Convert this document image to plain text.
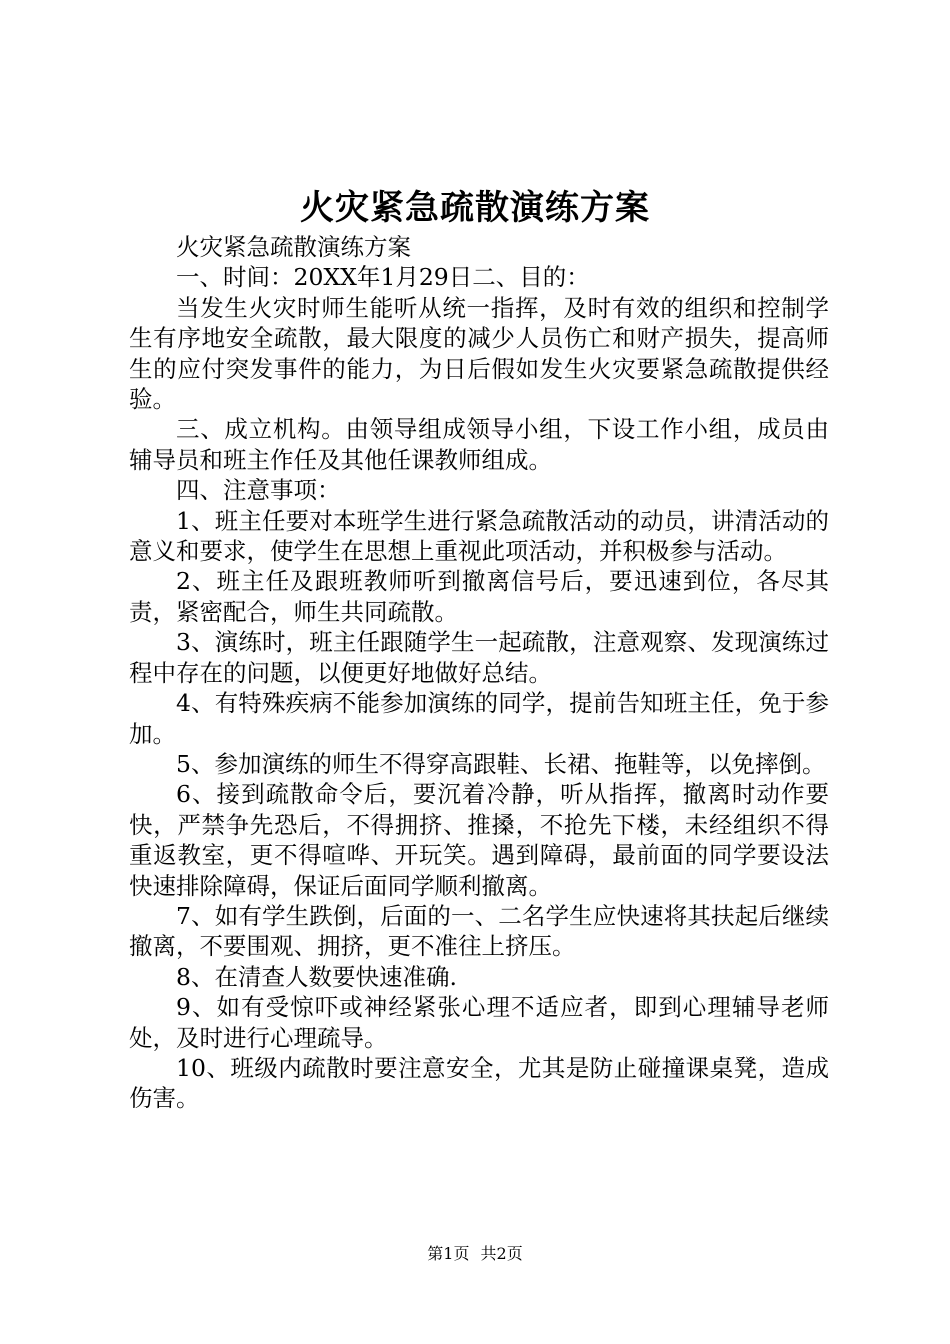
火灾紧急疏散演练方案

火灾紧急疏散演练方案

一、时间：20XX年1月29日二、目的：

当发生火灾时师生能听从统一指挥，及时有效的组织和控制学生有序地安全疏散，最大限度的减少人员伤亡和财产损失，提高师生的应付突发事件的能力，为日后假如发生火灾要紧急疏散提供经验。

三、成立机构。由领导组成领导小组，下设工作小组，成员由辅导员和班主作任及其他任课教师组成。

四、注意事项：

1、班主任要对本班学生进行紧急疏散活动的动员，讲清活动的意义和要求，使学生在思想上重视此项活动，并积极参与活动。

2、班主任及跟班教师听到撤离信号后，要迅速到位，各尽其责，紧密配合，师生共同疏散。

3、演练时，班主任跟随学生一起疏散，注意观察、发现演练过程中存在的问题，以便更好地做好总结。

4、有特殊疾病不能参加演练的同学，提前告知班主任，免于参加。

5、参加演练的师生不得穿高跟鞋、长裙、拖鞋等，以免摔倒。

6、接到疏散命令后，要沉着冷静，听从指挥，撤离时动作要快，严禁争先恐后，不得拥挤、推搡，不抢先下楼，未经组织不得重返教室，更不得喧哗、开玩笑。遇到障碍，最前面的同学要设法快速排除障碍，保证后面同学顺利撤离。

7、如有学生跌倒，后面的一、二名学生应快速将其扶起后继续撤离，不要围观、拥挤，更不准往上挤压。

8、在清查人数要快速准确.

9、如有受惊吓或神经紧张心理不适应者，即到心理辅导老师处，及时进行心理疏导。

10、班级内疏散时要注意安全，尤其是防止碰撞课桌凳，造成伤害。

第1页 共2页
